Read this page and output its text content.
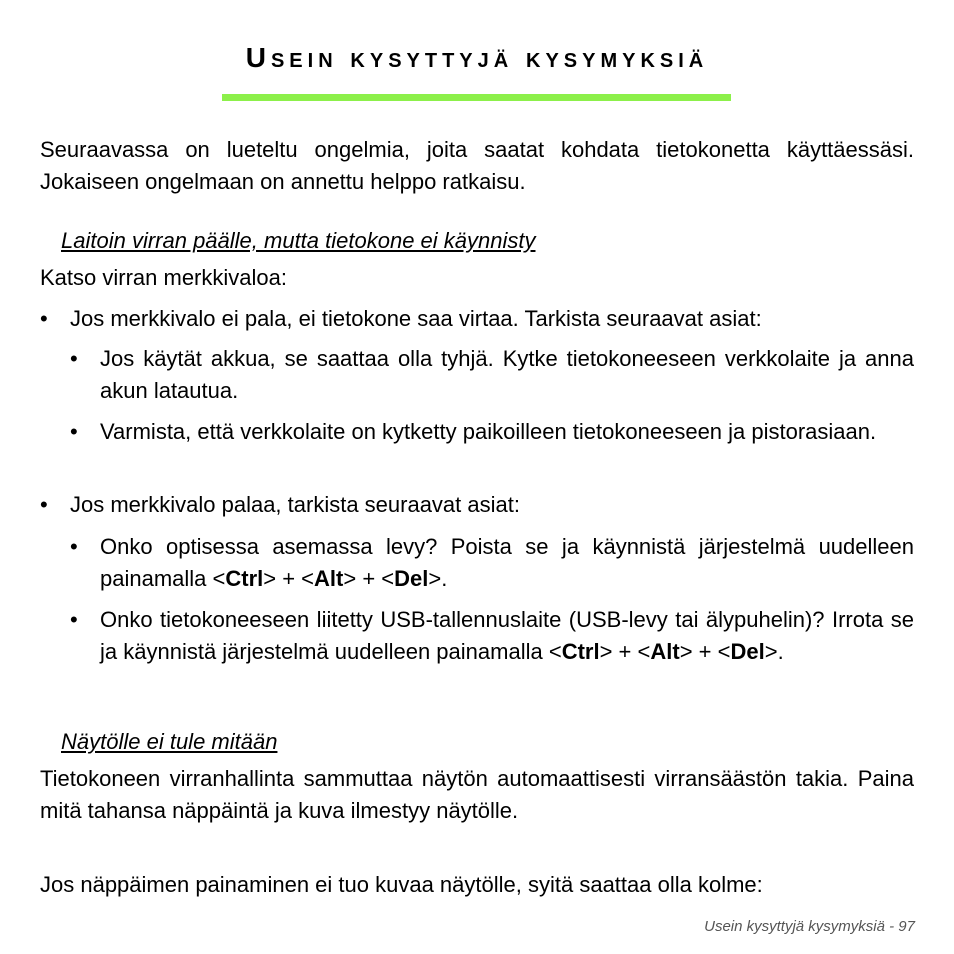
Usein kysyttyjä kysymyksiä
Seuraavassa on lueteltu ongelmia, joita saatat kohdata tietokonetta käyttäessäsi. Jokaiseen ongelmaan on annettu helppo ratkaisu.
Laitoin virran päälle, mutta tietokone ei käynnisty
Katso virran merkkivaloa:
• Jos merkkivalo ei pala, ei tietokone saa virtaa. Tarkista seuraavat asiat:
• Jos käytät akkua, se saattaa olla tyhjä. Kytke tietokoneeseen verkkolaite ja anna akun latautua.
• Varmista, että verkkolaite on kytketty paikoilleen tietokoneeseen ja pistorasiaan.
• Jos merkkivalo palaa, tarkista seuraavat asiat:
• Onko optisessa asemassa levy? Poista se ja käynnistä järjestelmä uudelleen painamalla <Ctrl> + <Alt> + <Del>.
• Onko tietokoneeseen liitetty USB-tallennuslaite (USB-levy tai älypuhelin)? Irrota se ja käynnistä järjestelmä uudelleen painamalla <Ctrl> + <Alt> + <Del>.
Näytölle ei tule mitään
Tietokoneen virranhallinta sammuttaa näytön automaattisesti virransäästön takia. Paina mitä tahansa näppäintä ja kuva ilmestyy näytölle.
Jos näppäimen painaminen ei tuo kuvaa näytölle, syitä saattaa olla kolme:
Usein kysyttyjä kysymyksiä - 97
